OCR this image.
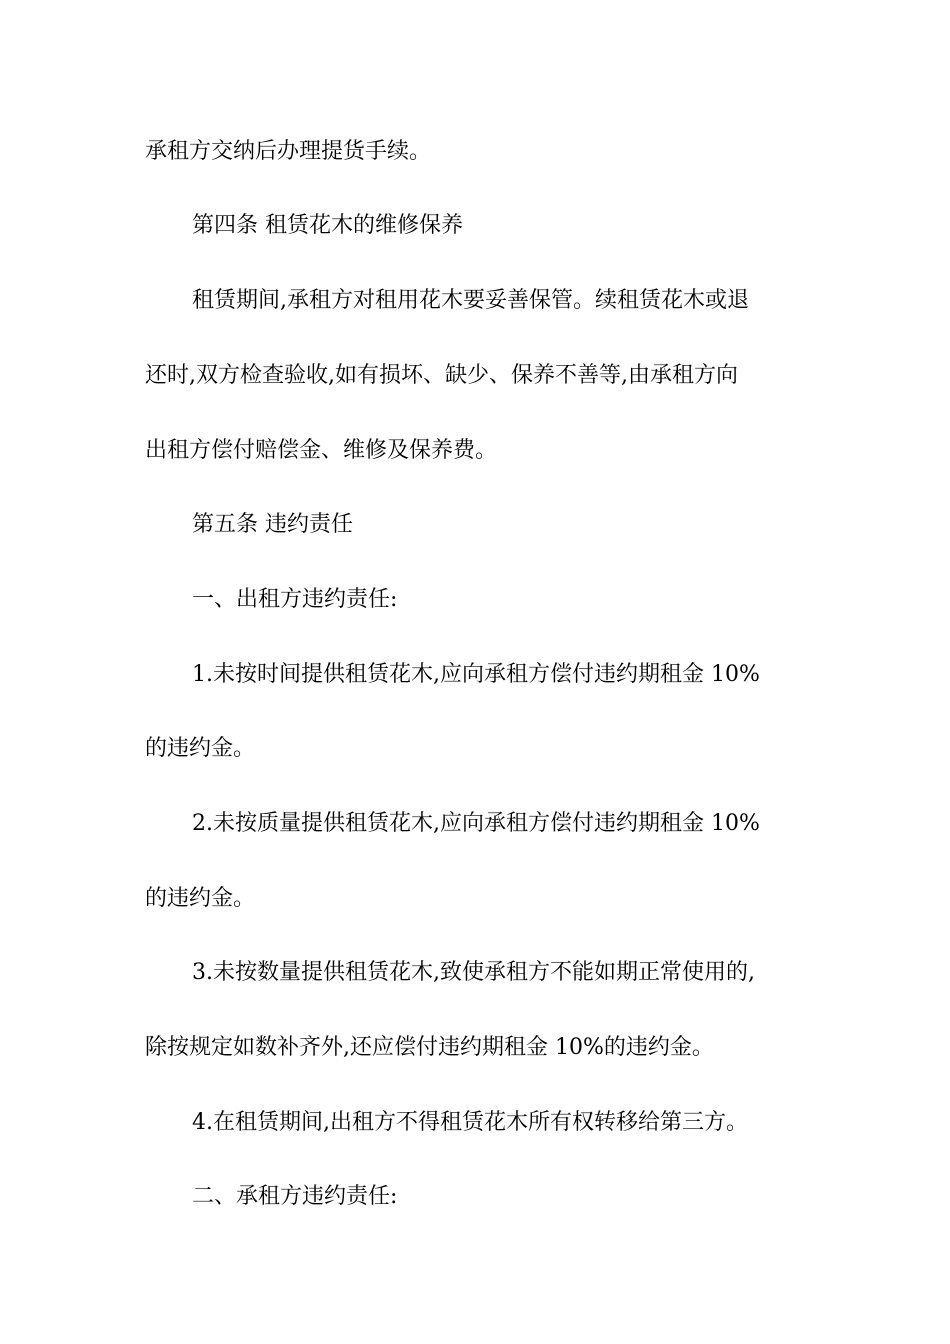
承租方交纳后办理提货手续。
第四条 租赁花木的维修保养
租赁期间,承租方对租用花木要妥善保管。续租赁花木或退
还时,双方检查验收,如有损坏、缺少、保养不善等,由承租方向
出租方偿付赔偿金、维修及保养费。
第五条 违约责任
一、出租方违约责任:
1.未按时间提供租赁花木,应向承租方偿付违约期租金 10%
的违约金。
2.未按质量提供租赁花木,应向承租方偿付违约期租金 10%
的违约金。
3.未按数量提供租赁花木,致使承租方不能如期正常使用的,
除按规定如数补齐外,还应偿付违约期租金 10%的违约金。
4.在租赁期间,出租方不得租赁花木所有权转移给第三方。
二、承租方违约责任:
